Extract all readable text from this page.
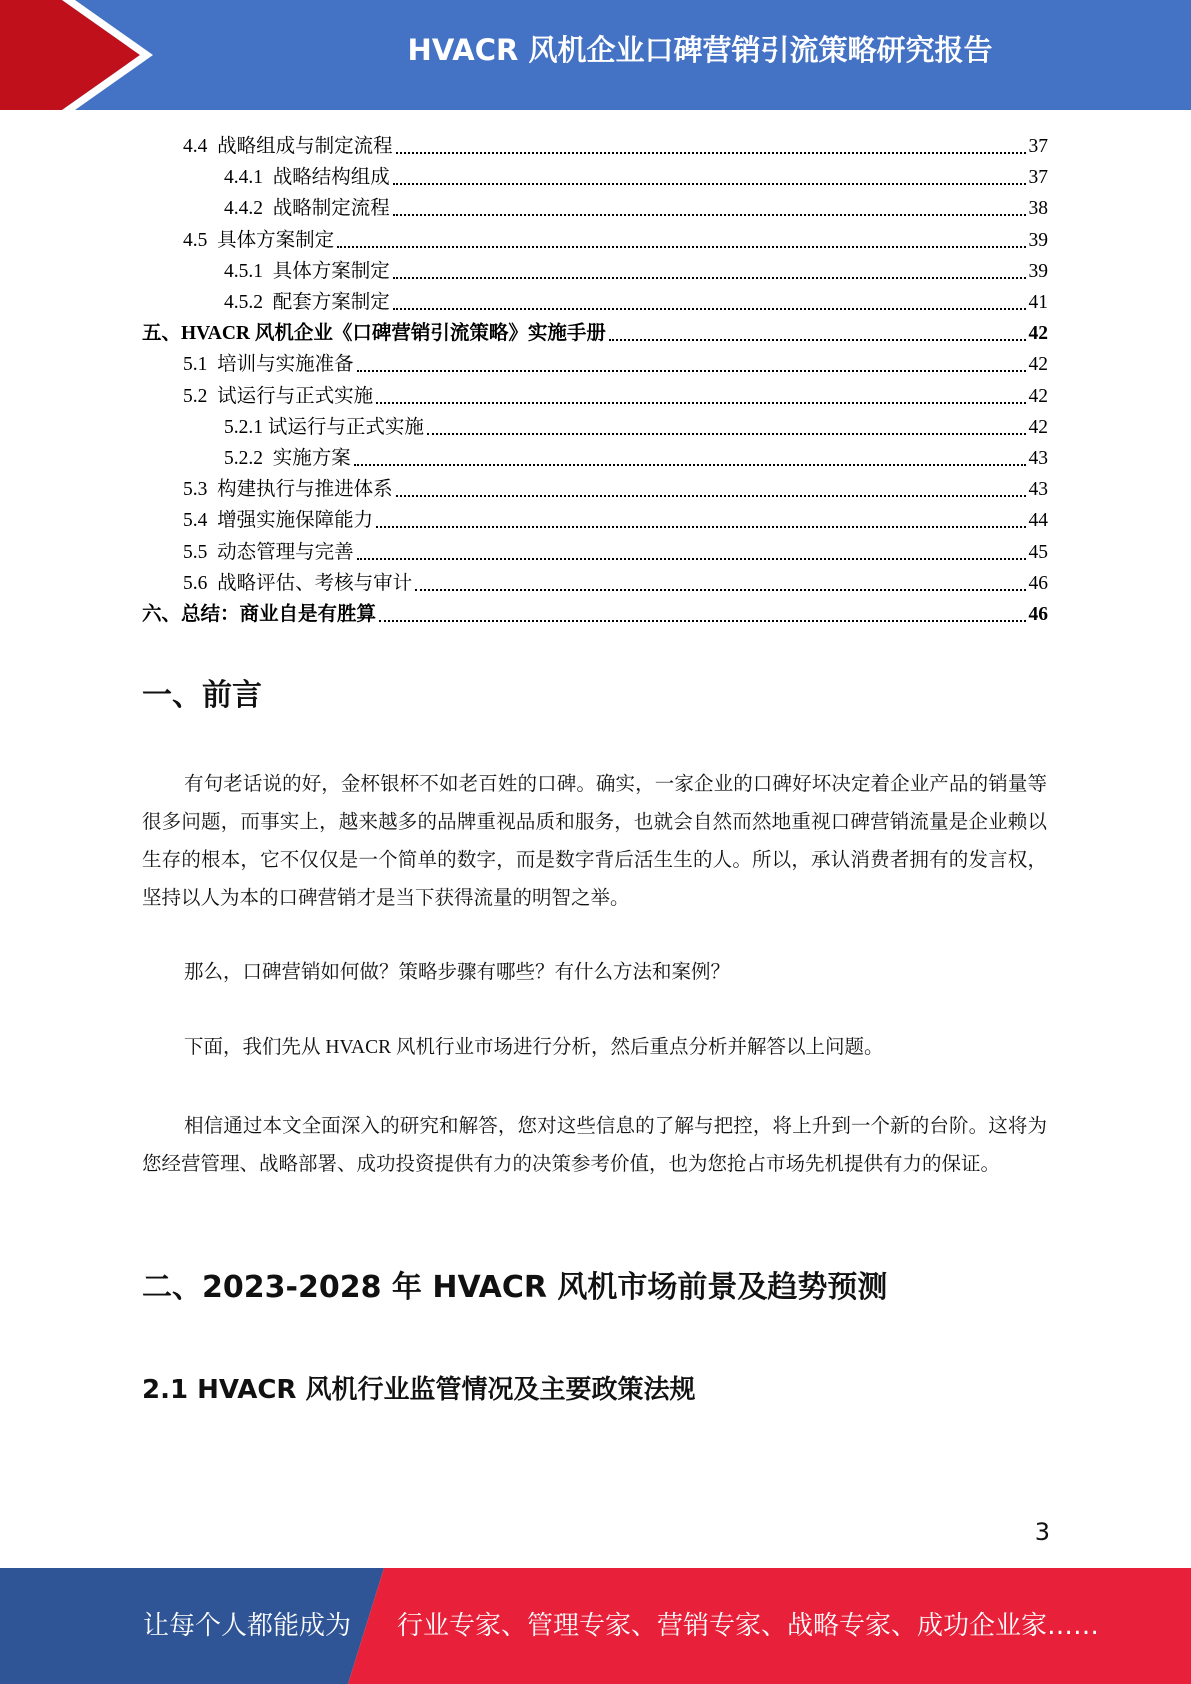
HVACR 风机企业口碑营销引流策略研究报告
4.4 战略组成与制定流程	37
4.4.1 战略结构组成	37
4.4.2 战略制定流程	38
4.5 具体方案制定	39
4.5.1 具体方案制定	39
4.5.2 配套方案制定	41
五、 HVACR 风机企业《口碑营销引流策略》实施手册	42
5.1 培训与实施准备	42
5.2 试运行与正式实施	42
5.2.1 试运行与正式实施	42
5.2.2 实施方案	43
5.3 构建执行与推进体系	43
5.4 增强实施保障能力	44
5.5 动态管理与完善	45
5.6 战略评估、考核与审计	46
六、 总结：商业自是有胜算	46
一、前言

有句老话说的好，金杯银杯不如老百姓的口碑。确实，一家企业的口碑好坏决定着企业产品的销量等很多问题，而事实上，越来越多的品牌重视品质和服务，也就会自然而然地重视口碑营销流量是企业赖以生存的根本，它不仅仅是一个简单的数字，而是数字背后活生生的人。所以，承认消费者拥有的发言权，坚持以人为本的口碑营销才是当下获得流量的明智之举。

那么，口碑营销如何做？策略步骤有哪些？有什么方法和案例？

下面，我们先从 HVACR 风机行业市场进行分析，然后重点分析并解答以上问题。

相信通过本文全面深入的研究和解答，您对这些信息的了解与把控，将上升到一个新的台阶。这将为您经营管理、战略部署、成功投资提供有力的决策参考价值，也为您抢占市场先机提供有力的保证。

二、2023-2028 年 HVACR 风机市场前景及趋势预测
2.1 HVACR 风机行业监管情况及主要政策法规
3
让每个人都能成为 行业专家、管理专家、营销专家、战略专家、成功企业家……
